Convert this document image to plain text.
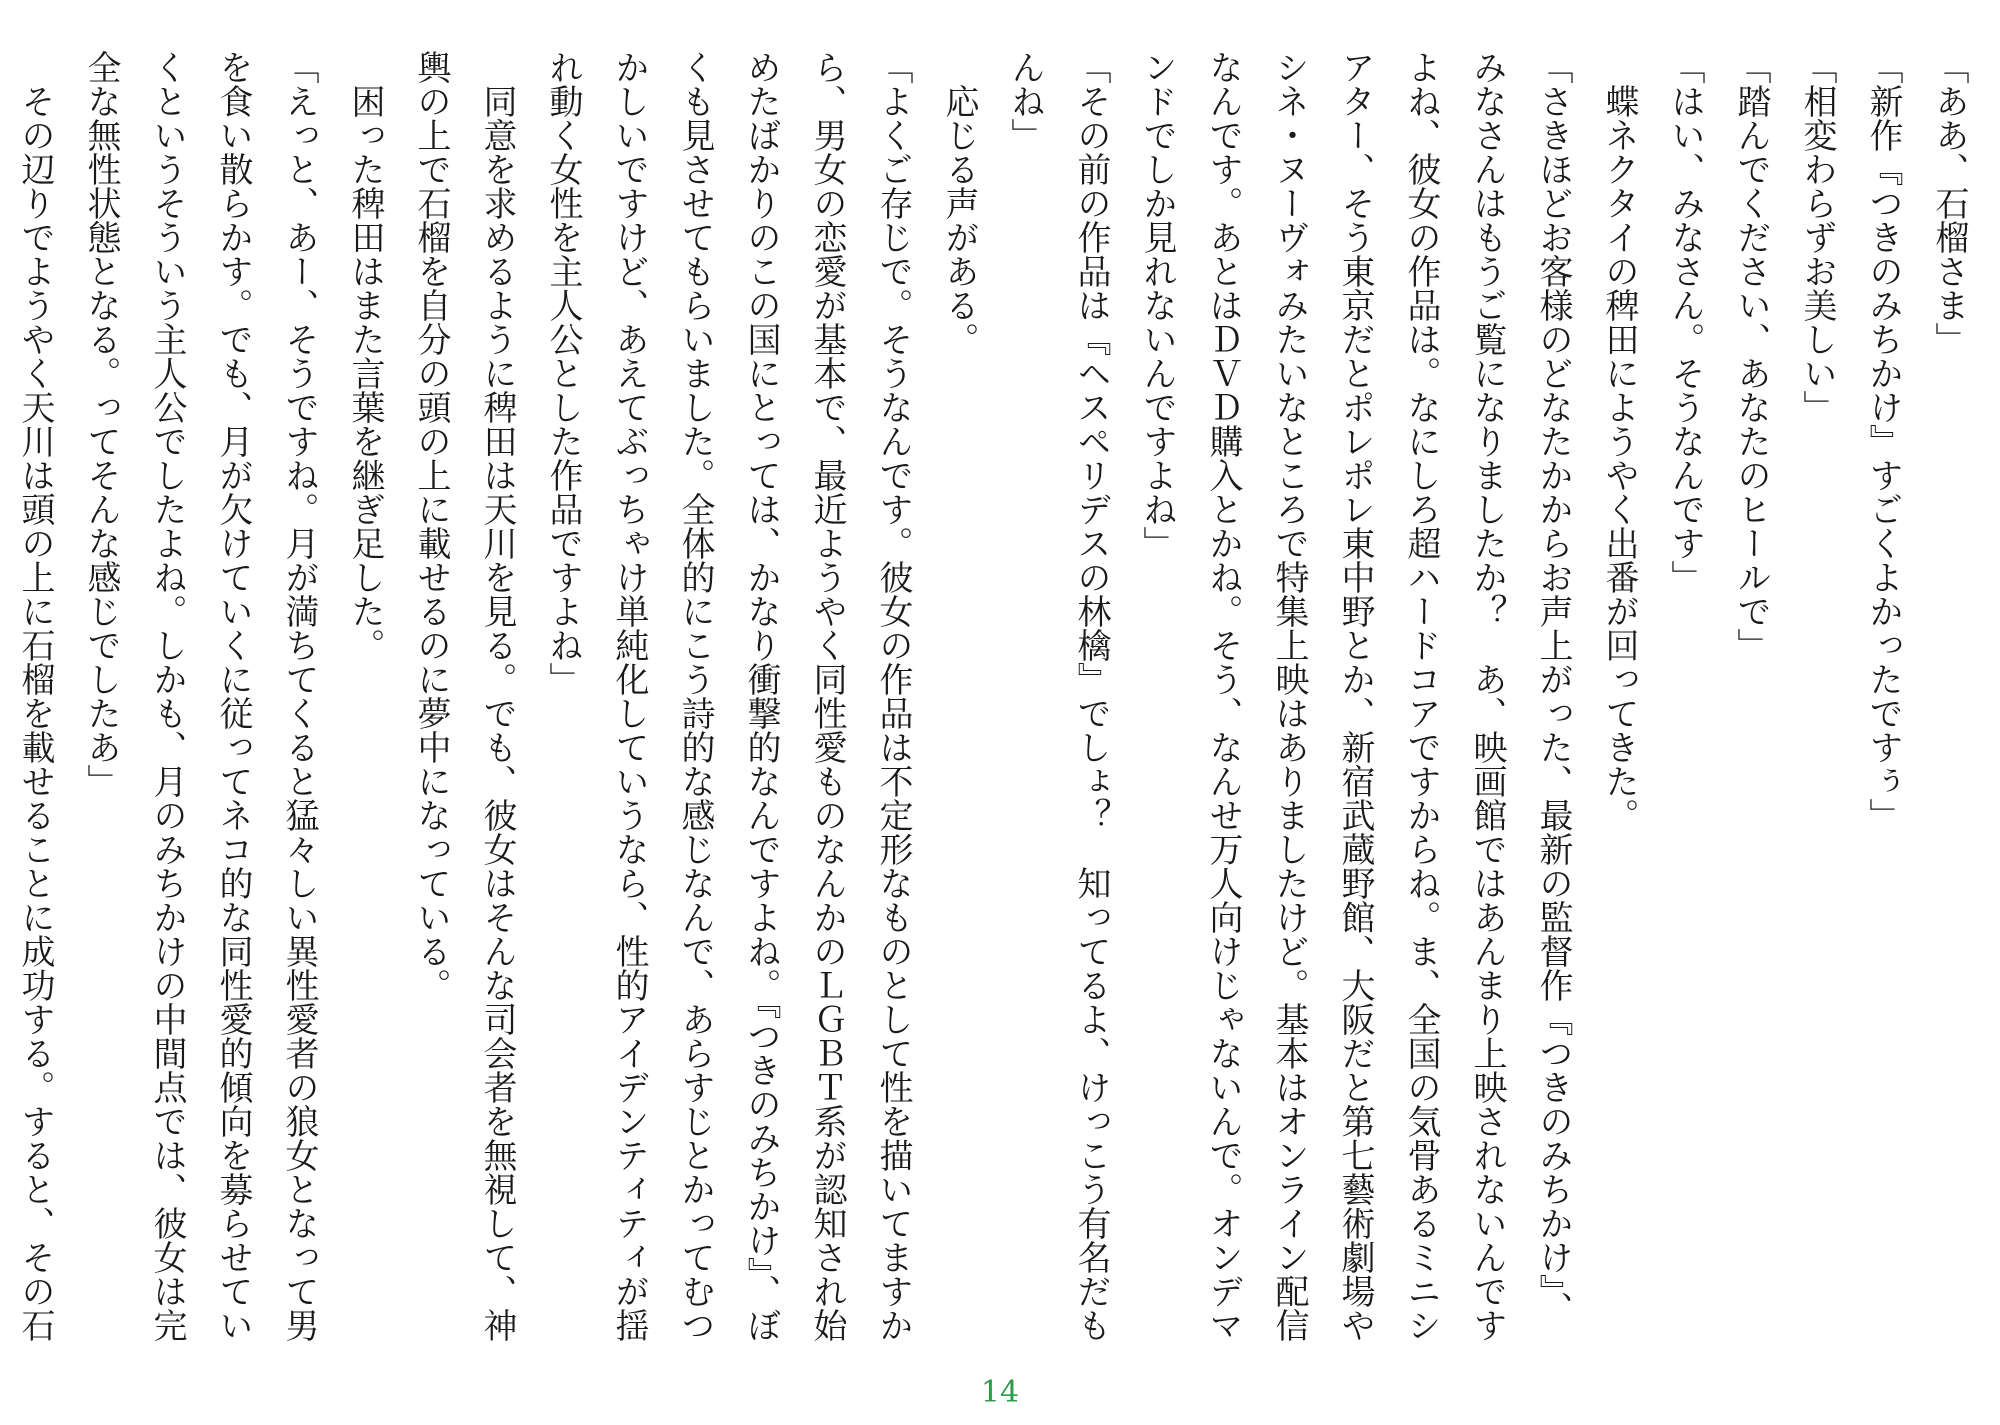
「ああ、石榴さま」

「新作『つきのみちかけ』すごくよかったですぅ」

「相変わらずお美しい」

「踏んでください、あなたのヒールで」

「はい、みなさん。そうなんです」

　蝶ネクタイの稗田にようやく出番が回ってきた。

「さきほどお客様のどなたかからお声上がった、最新の監督作『つきのみちかけ』、みなさんはもうご覧になりましたか？　あ、映画館ではあんまり上映されないんですよね、彼女の作品は。なにしろ超ハードコアですからね。ま、全国の気骨あるミニシアター、そう東京だとポレポレ東中野とか、新宿武蔵野館、大阪だと第七藝術劇場やシネ・ヌーヴォみたいなところで特集上映はありましたけど。基本はオンライン配信なんです。あとはＤＶＤ購入とかね。そう、なんせ万人向けじゃないんで。オンデマンドでしか見れないんですよね」

「その前の作品は『ヘスペリデスの林檎』でしょ？　知ってるよ、けっこう有名だもんね」

　応じる声がある。

「よくご存じで。そうなんです。彼女の作品は不定形なものとして性を描いてますから、男女の恋愛が基本で、最近ようやく同性愛ものなんかのＬＧＢＴ系が認知され始めたばかりのこの国にとっては、かなり衝撃的なんですよね。『つきのみちかけ』、ぼくも見させてもらいました。全体的にこう詩的な感じなんで、あらすじとかってむつかしいですけど、あえてぶっちゃけ単純化していうなら、性的アイデンティティが揺れ動く女性を主人公とした作品ですよね」

　同意を求めるように稗田は天川を見る。でも、彼女はそんな司会者を無視して、神輿の上で石榴を自分の頭の上に載せるのに夢中になっている。

　困った稗田はまた言葉を継ぎ足した。

「えっと、あー、そうですね。月が満ちてくると猛々しい異性愛者の狼女となって男を食い散らかす。でも、月が欠けていくに従ってネコ的な同性愛的傾向を募らせていくというそういう主人公でしたよね。しかも、月のみちかけの中間点では、彼女は完全な無性状態となる。ってそんな感じでしたあ」

　その辺りでようやく天川は頭の上に石榴を載せることに成功する。すると、その石

14
